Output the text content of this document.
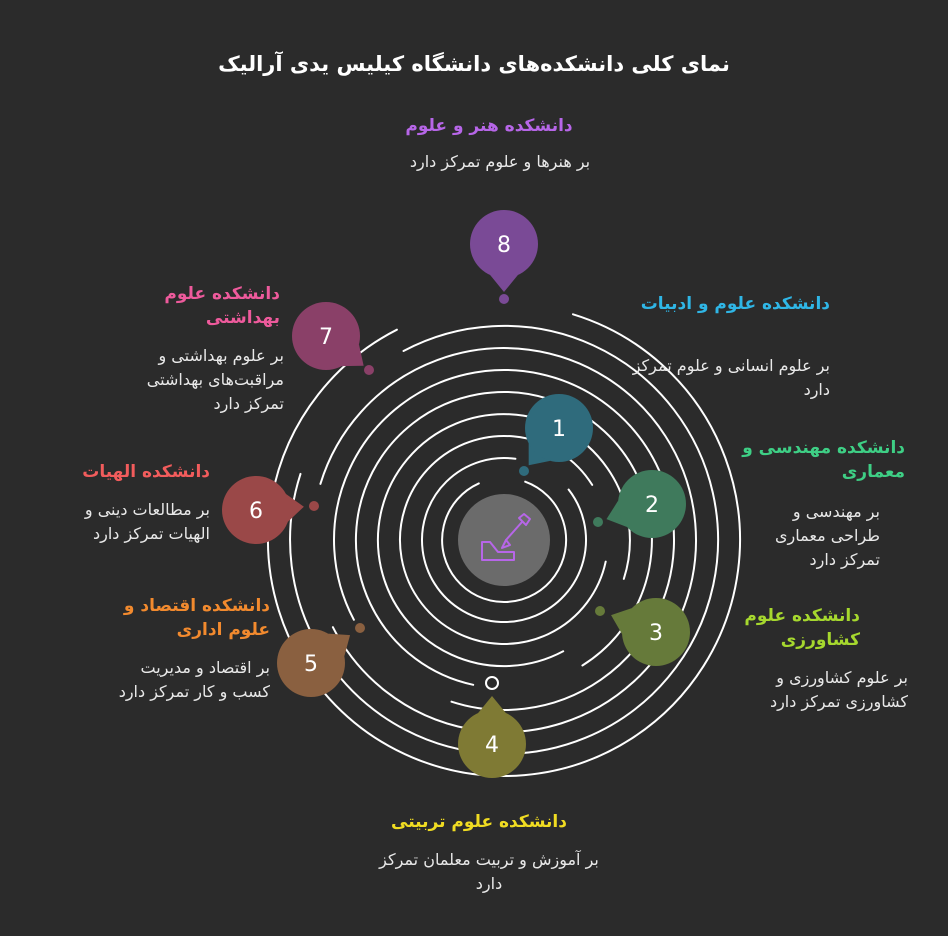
1
2
3
4
5
6
7
8
نمای کلی دانشکده‌های دانشگاه کیلیس یدی آرالیک
دانشکده علوم و ادبیات
بر علوم انسانی و علوم تمرکز دارد
دانشکده مهندسی و معماری
بر مهندسی و طراحی معماری تمرکز دارد
دانشکده علوم کشاورزی
بر علوم کشاورزی و کشاورزی تمرکز دارد
دانشکده علوم تربیتی
بر آموزش و تربیت معلمان تمرکز دارد
دانشکده اقتصاد و علوم اداری
بر اقتصاد و مدیریت کسب و کار تمرکز دارد
دانشکده الهیات
بر مطالعات دینی و الهیات تمرکز دارد
دانشکده علوم بهداشتی
بر علوم بهداشتی و مراقبت‌های بهداشتی تمرکز دارد
دانشکده هنر و علوم
بر هنرها و علوم تمرکز دارد
